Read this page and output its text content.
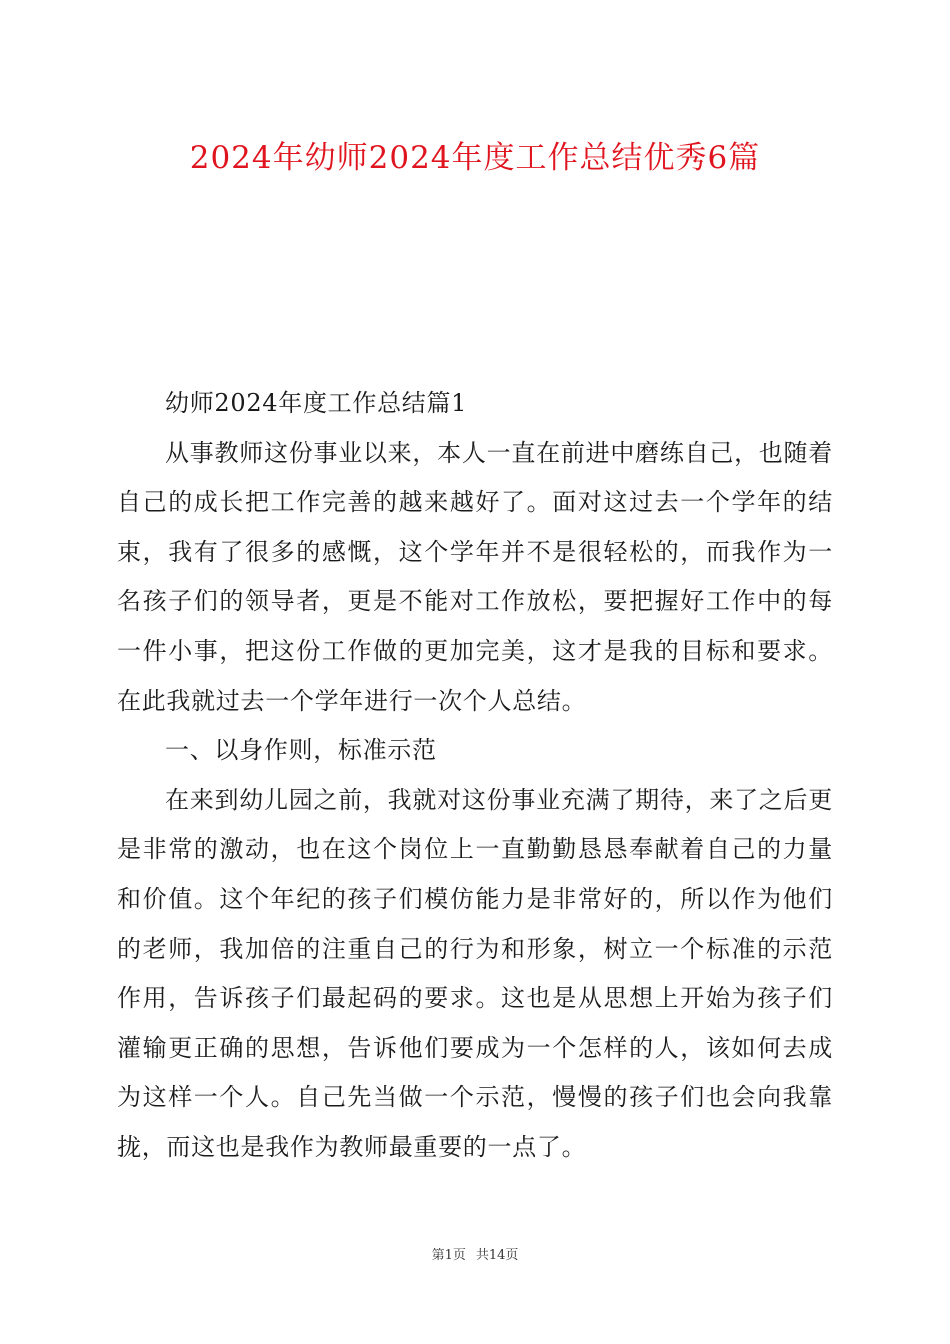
2024年幼师2024年度工作总结优秀6篇

幼师2024年度工作总结篇1

从事教师这份事业以来，本人一直在前进中磨练自己，也随着自己的成长把工作完善的越来越好了。面对这过去一个学年的结束，我有了很多的感慨，这个学年并不是很轻松的，而我作为一名孩子们的领导者，更是不能对工作放松，要把握好工作中的每一件小事，把这份工作做的更加完美，这才是我的目标和要求。在此我就过去一个学年进行一次个人总结。

一、以身作则，标准示范

在来到幼儿园之前，我就对这份事业充满了期待，来了之后更是非常的激动，也在这个岗位上一直勤勤恳恳奉献着自己的力量和价值。这个年纪的孩子们模仿能力是非常好的，所以作为他们的老师，我加倍的注重自己的行为和形象，树立一个标准的示范作用，告诉孩子们最起码的要求。这也是从思想上开始为孩子们灌输更正确的思想，告诉他们要成为一个怎样的人，该如何去成为这样一个人。自己先当做一个示范，慢慢的孩子们也会向我靠拢，而这也是我作为教师最重要的一点了。

第1页 共14页
